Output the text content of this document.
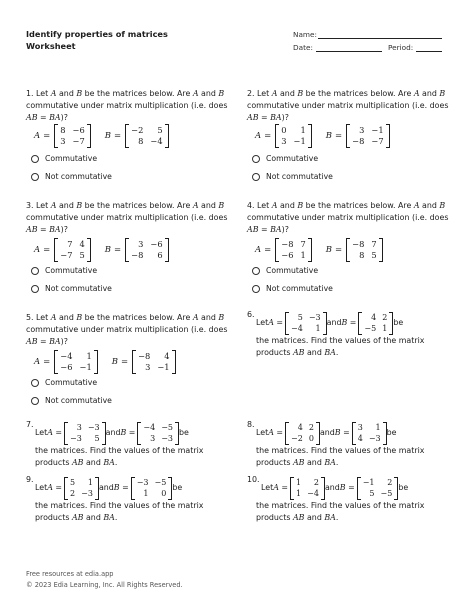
Identify properties of matrices
Worksheet
Name:
Date:	Period:
1. Let A and B be the matrices below. Are A and B commutative under matrix multiplication (i.e. does AB = BA)?
A =
8 −6
3 −7 B =
−2	5
8 −4
Commutative
Not commutative
2. Let A and B be the matrices below. Are A and B commutative under matrix multiplication (i.e. does AB = BA)?
A =
0	1
3 −1 B =
3 −1
−8 −7
Commutative
Not commutative
3. Let A and B be the matrices below. Are A and B commutative under matrix multiplication (i.e. does AB = BA)?
A =
7 4
−7 5 B =
3 −6
−8	6
Commutative
Not commutative
4. Let A and B be the matrices below. Are A and B commutative under matrix multiplication (i.e. does AB = BA)?
A =
−8 7
−6 1 B =
−8 7
8 5
Commutative
Not commutative
5. Let A and B be the matrices below. Are A and B commutative under matrix multiplication (i.e. does AB = BA)?
A =
−4	1
−6 −1 B =
−8	4
3 −1
Commutative
Not commutative
6.
Let A =
5 −3
−4	1
and B =
4 2
−5 1
be
the matrices. Find the values of the matrix
products AB and BA.
7.
Let A =
3 −3
−3	5
and B =
−4 −5
3 −3
be
the matrices. Find the values of the matrix
products AB and BA.
8.
Let A =
4 2
−2 0
and B =
3	1
4 −3
be
the matrices. Find the values of the matrix
products AB and BA.
9.
Let A =
5	1
2 −3
and B =
−3 −5
1	0
be
the matrices. Find the values of the matrix
products AB and BA.
10.
Let A =
1	2
1 −4
and B =
−1	2
5 −5
be
the matrices. Find the values of the matrix
products AB and BA.
Free resources at edia.app
© 2023 Edia Learning, Inc. All Rights Reserved.
